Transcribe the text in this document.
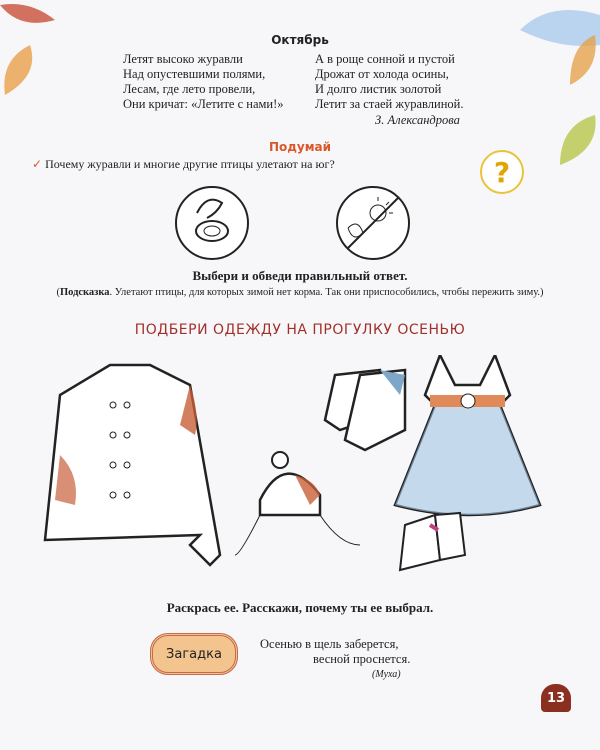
Октябрь
Летят высоко журавли
Над опустевшими полями,
Лесам, где лето провели,
Они кричат: «Летите с нами!»
А в роще сонной и пустой
Дрожат от холода осины,
И долго листик золотой
Летит за стаей журавлиной.
З. Александрова
Подумай
✓ Почему журавли и многие другие птицы улетают на юг?	?
Выбери и обведи правильный ответ.
(Подсказка. Улетают птицы, для которых зимой нет корма. Так они приспособились, чтобы пережить зиму.)
ПОДБЕРИ ОДЕЖДУ НА ПРОГУЛКУ ОСЕНЬЮ
Раскрась ее. Расскажи, почему ты ее выбрал.
Загадка
Осенью в щель заберется,
весной проснется.
(Муха)
13
